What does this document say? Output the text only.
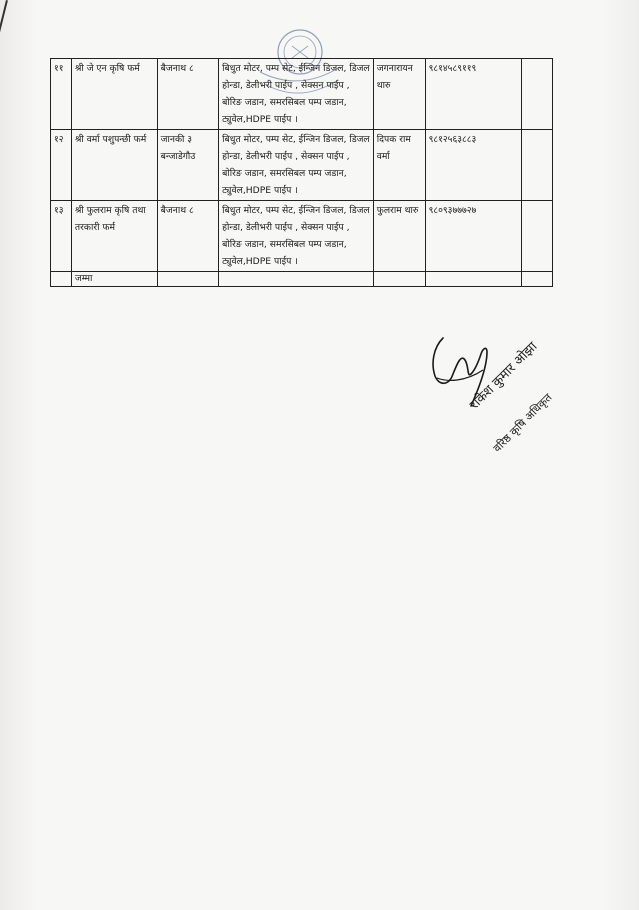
११	श्री जे एन कृषि फर्म	बैजनाथ ८	बिधुत मोटर, पम्प सेट, ईन्जिन डिजल, डिजल होन्डा, डेलीभरी पाईप , सेक्सन पाईप , बोरिङ जडान, समरसिबल पम्प जडान, ट्युवेल,HDPE पाईप ।	जगनारायन थारु	९८१४५८९११९	
१२	श्री वर्मा पशुपन्छी फर्म	जानकी ३ बन्जाडेगौउ	बिधुत मोटर, पम्प सेट, ईन्जिन डिजल, डिजल होन्डा, डेलीभरी पाईप , सेक्सन पाईप , बोरिङ जडान, समरसिबल पम्प जडान, ट्युवेल,HDPE पाईप ।	दिपक राम वर्मा	९८१२५६३८८३	
१३	श्री फुलराम कृषि तथा तरकारी फर्म	बैजनाथ ८	बिधुत मोटर, पम्प सेट, ईन्जिन डिजल, डिजल होन्डा, डेलीभरी पाईप , सेक्सन पाईप , बोरिङ जडान, समरसिबल पम्प जडान, ट्युवेल,HDPE पाईप ।	फुलराम थारु	९८०९३७७७२७	
	जम्मा					
राकेश कुमार ओझा
वरिष्ठ कृषि अधिकृत
